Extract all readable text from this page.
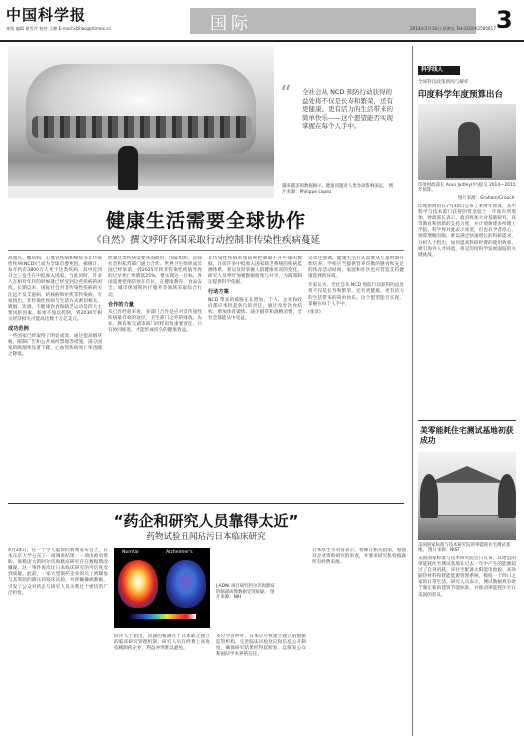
中国科学报
本版 编辑 崔雪芹 校对 王鹏 E-mail:xlzhao@stimes.cn	国际	2014年5月16日 星期五 Tel:(010)62580617 3
“ 全社会从 NCD 预防行动获得的益处将不仅是长寿和繁荣，还有更健康、更有活力的生活带来的简单快乐——这个愿望能否实现掌握在每个人手中。
越来越多的数据揭示，健康问题对人类寿命影响深远。 图片来源：Philippe Lopez
健康生活需要全球协作
《自然》撰文呼吁各国采取行动控制非传染性疾病蔓延
高血压、糖尿病、心血管疾病和癌症等非传染性疾病(NCD)已成为全球首要死因。据统计，每年约有3800万人死于这类疾病，其中近四分之三发生在中低收入国家。与此同时，许多人在相对年轻的时候就已经受到这些疾病的困扰。长期以来，国际社会对非传染性疾病的关注远不及艾滋病、结核病和疟疾等传染病。专家指出，非传染性疾病与生活方式密切相关，吸烟、饮酒、不健康饮食和缺乏运动是四大主要风险因素。如果不加以控制，到2030年相关经济损失可能高达数十万亿美元。
成功范例
一些国家已经取得了明显成效。通过提高烟草税、限制广告和公共场所禁烟等措施，部分国家的吸烟率显著下降，心血管疾病死亡率也随之降低。
控制这类疾病需要各国政府、国际组织、民间社会和私营部门通力合作。世界卫生组织成员国已经承诺，到2025年将非传染性疾病导致的过早死亡率降低25%。要实现这一目标，各国需要把预防放在首位，在健康教育、食品安全、城市规划和医疗服务等领域采取综合行动。
合作的力量
从已有经验来看，多部门合作是应对非传染性疾病最有效的途径。卫生部门之外的财政、农业、教育和交通等部门同样肩负重要责任，只有协同推进，才能形成持久的健康效益。
非传染性疾病的预防和控制离不开可靠的数据。目前许多中低收入国家缺乏系统的疾病监测体系，难以及时掌握人群健康状况的变化。研究人员呼吁加强数据收集与共享，为政策制定提供科学依据。
行动方案
NCD 带来的威胁正在增加，个人、企业和政府都应承担起各自的责任。通过改善饮食结构、增加体育锻炼、减少烟草和酒精消费，全社会都能从中受益。
文章还强调，健康生活方式需要从儿童时期开始培养。学校应当提供营养均衡的膳食和充足的体育活动时间，家庭和社区也应营造支持健康选择的环境。
专家认为，全社会从 NCD 预防行动获得的益处将不仅是长寿和繁荣，还有更健康、更有活力的生活带来的简单快乐。这个愿望能否实现，掌握在每个人手中。
(张章)
“药企和研究人员靠得太近”
药物试验丑闻玷污日本临床研究
4月24日，在一个令人震惊的新闻发布会上，日本东京大学公布了一项调查结果：一项由政府资助、规模庞大的阿尔茨海默症研究存在数据篡改嫌疑。这一事件再次让日本临床研究的可信度受到质疑。此前，一家大型制药企业的员工被曝参与其资助的降压药临床试验，并涉嫌操纵数据，引发了公众对药企与研究人员关系过于密切的广泛担忧。
Normal	Alzheimer's
J-ADNI 项目研究阿尔茨海默症的脑部成像数据受到质疑。 图片来源：NIH
批评人士指出，问题的根源在于日本缺乏独立的临床研究管理机制，研究人员在经费上高度依赖制药企业，利益冲突难以避免。
多位学者呼吁，日本应尽快建立独立的数据监管机构，完善临床试验登记和信息公开制度，确保研究结果经得起检验，以恢复公众和国际学术界的信任。
日本厚生劳动省表示，将修订相关指南，加强对企业资助研究的审查，并要求研究机构披露所有经费来源。
科学线人
全球科技政策新闻与解析
印度科学年度预算出台
印度财政部长 Arun Jaitley(中)提交 2014—2015 年预算。
图片来源：Graham/Crouch
印度新政府在7月10日公布了本财年预算，其中科学与技术部门获得的资金较上一年度有所增加。财政部长表示，政府将加大对基础研究、高等教育和创新的支持力度，并计划新建多所理工学院。科学界对此表示欢迎，但也有学者担心，预算增幅有限，难以满足快速增长的科研需求。分析人士指出，如何提高科研经费的使用效率、吸引海外人才回流，将是印度科学发展面临的关键挑战。
美零能耗住宅测试基地初获成功
美国国家标准与技术研究院的零能耗住宅测试基地。 图片来源：NIST
美国国家标准与技术研究院近日宣布，其建造的零能耗住宅测试基地在过去一年中产生的能源超过了自身消耗。该住宅配备太阳能电池板、高效隔热材料和智能能源管理系统，模拟一个四口之家的日常生活。研究人员表示，测试数据将有助于制定新的建筑节能标准，并推动零能耗住宅在美国的普及。
